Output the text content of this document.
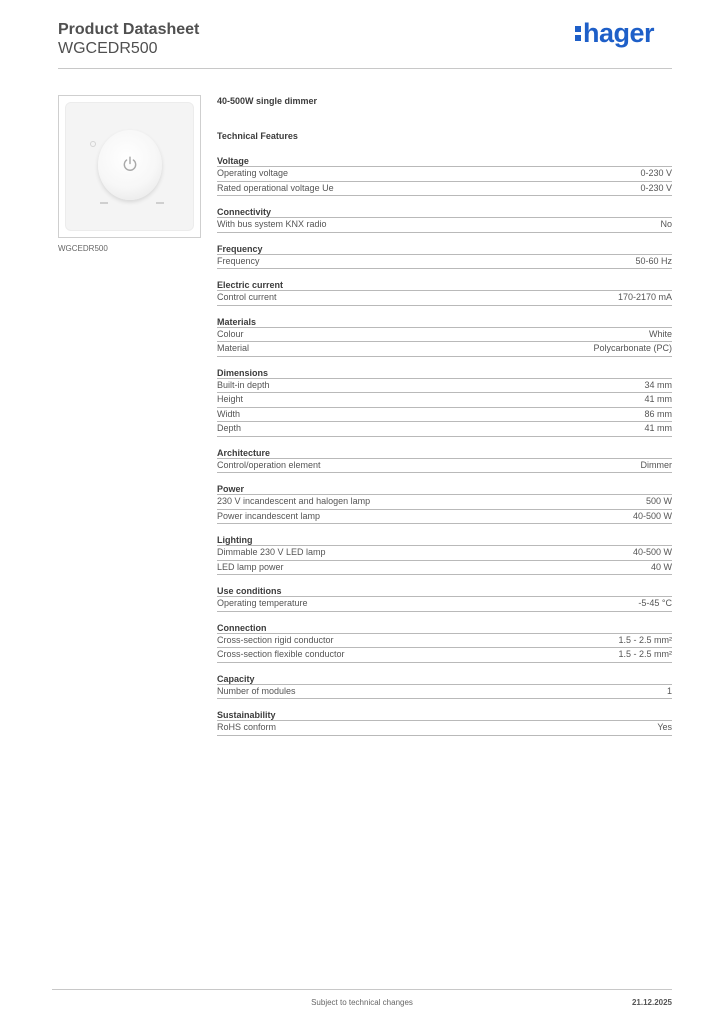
Product Datasheet
WGCEDR500
hager
WGCEDR500
40-500W single dimmer
Technical Features
Voltage
Operating voltage	0-230 V
Rated operational voltage Ue	0-230 V
Connectivity
With bus system KNX radio	No
Frequency
Frequency	50-60 Hz
Electric current
Control current	170-2170 mA
Materials
Colour	White
Material	Polycarbonate (PC)
Dimensions
Built-in depth	34 mm
Height	41 mm
Width	86 mm
Depth	41 mm
Architecture
Control/operation element	Dimmer
Power
230 V incandescent and halogen lamp	500 W
Power incandescent lamp	40-500 W
Lighting
Dimmable 230 V LED lamp	40-500 W
LED lamp power	40 W
Use conditions
Operating temperature	-5-45 °C
Connection
Cross-section rigid conductor	1.5 - 2.5 mm²
Cross-section flexible conductor	1.5 - 2.5 mm²
Capacity
Number of modules	1
Sustainability
RoHS conform	Yes
Subject to technical changes	21.12.2025
